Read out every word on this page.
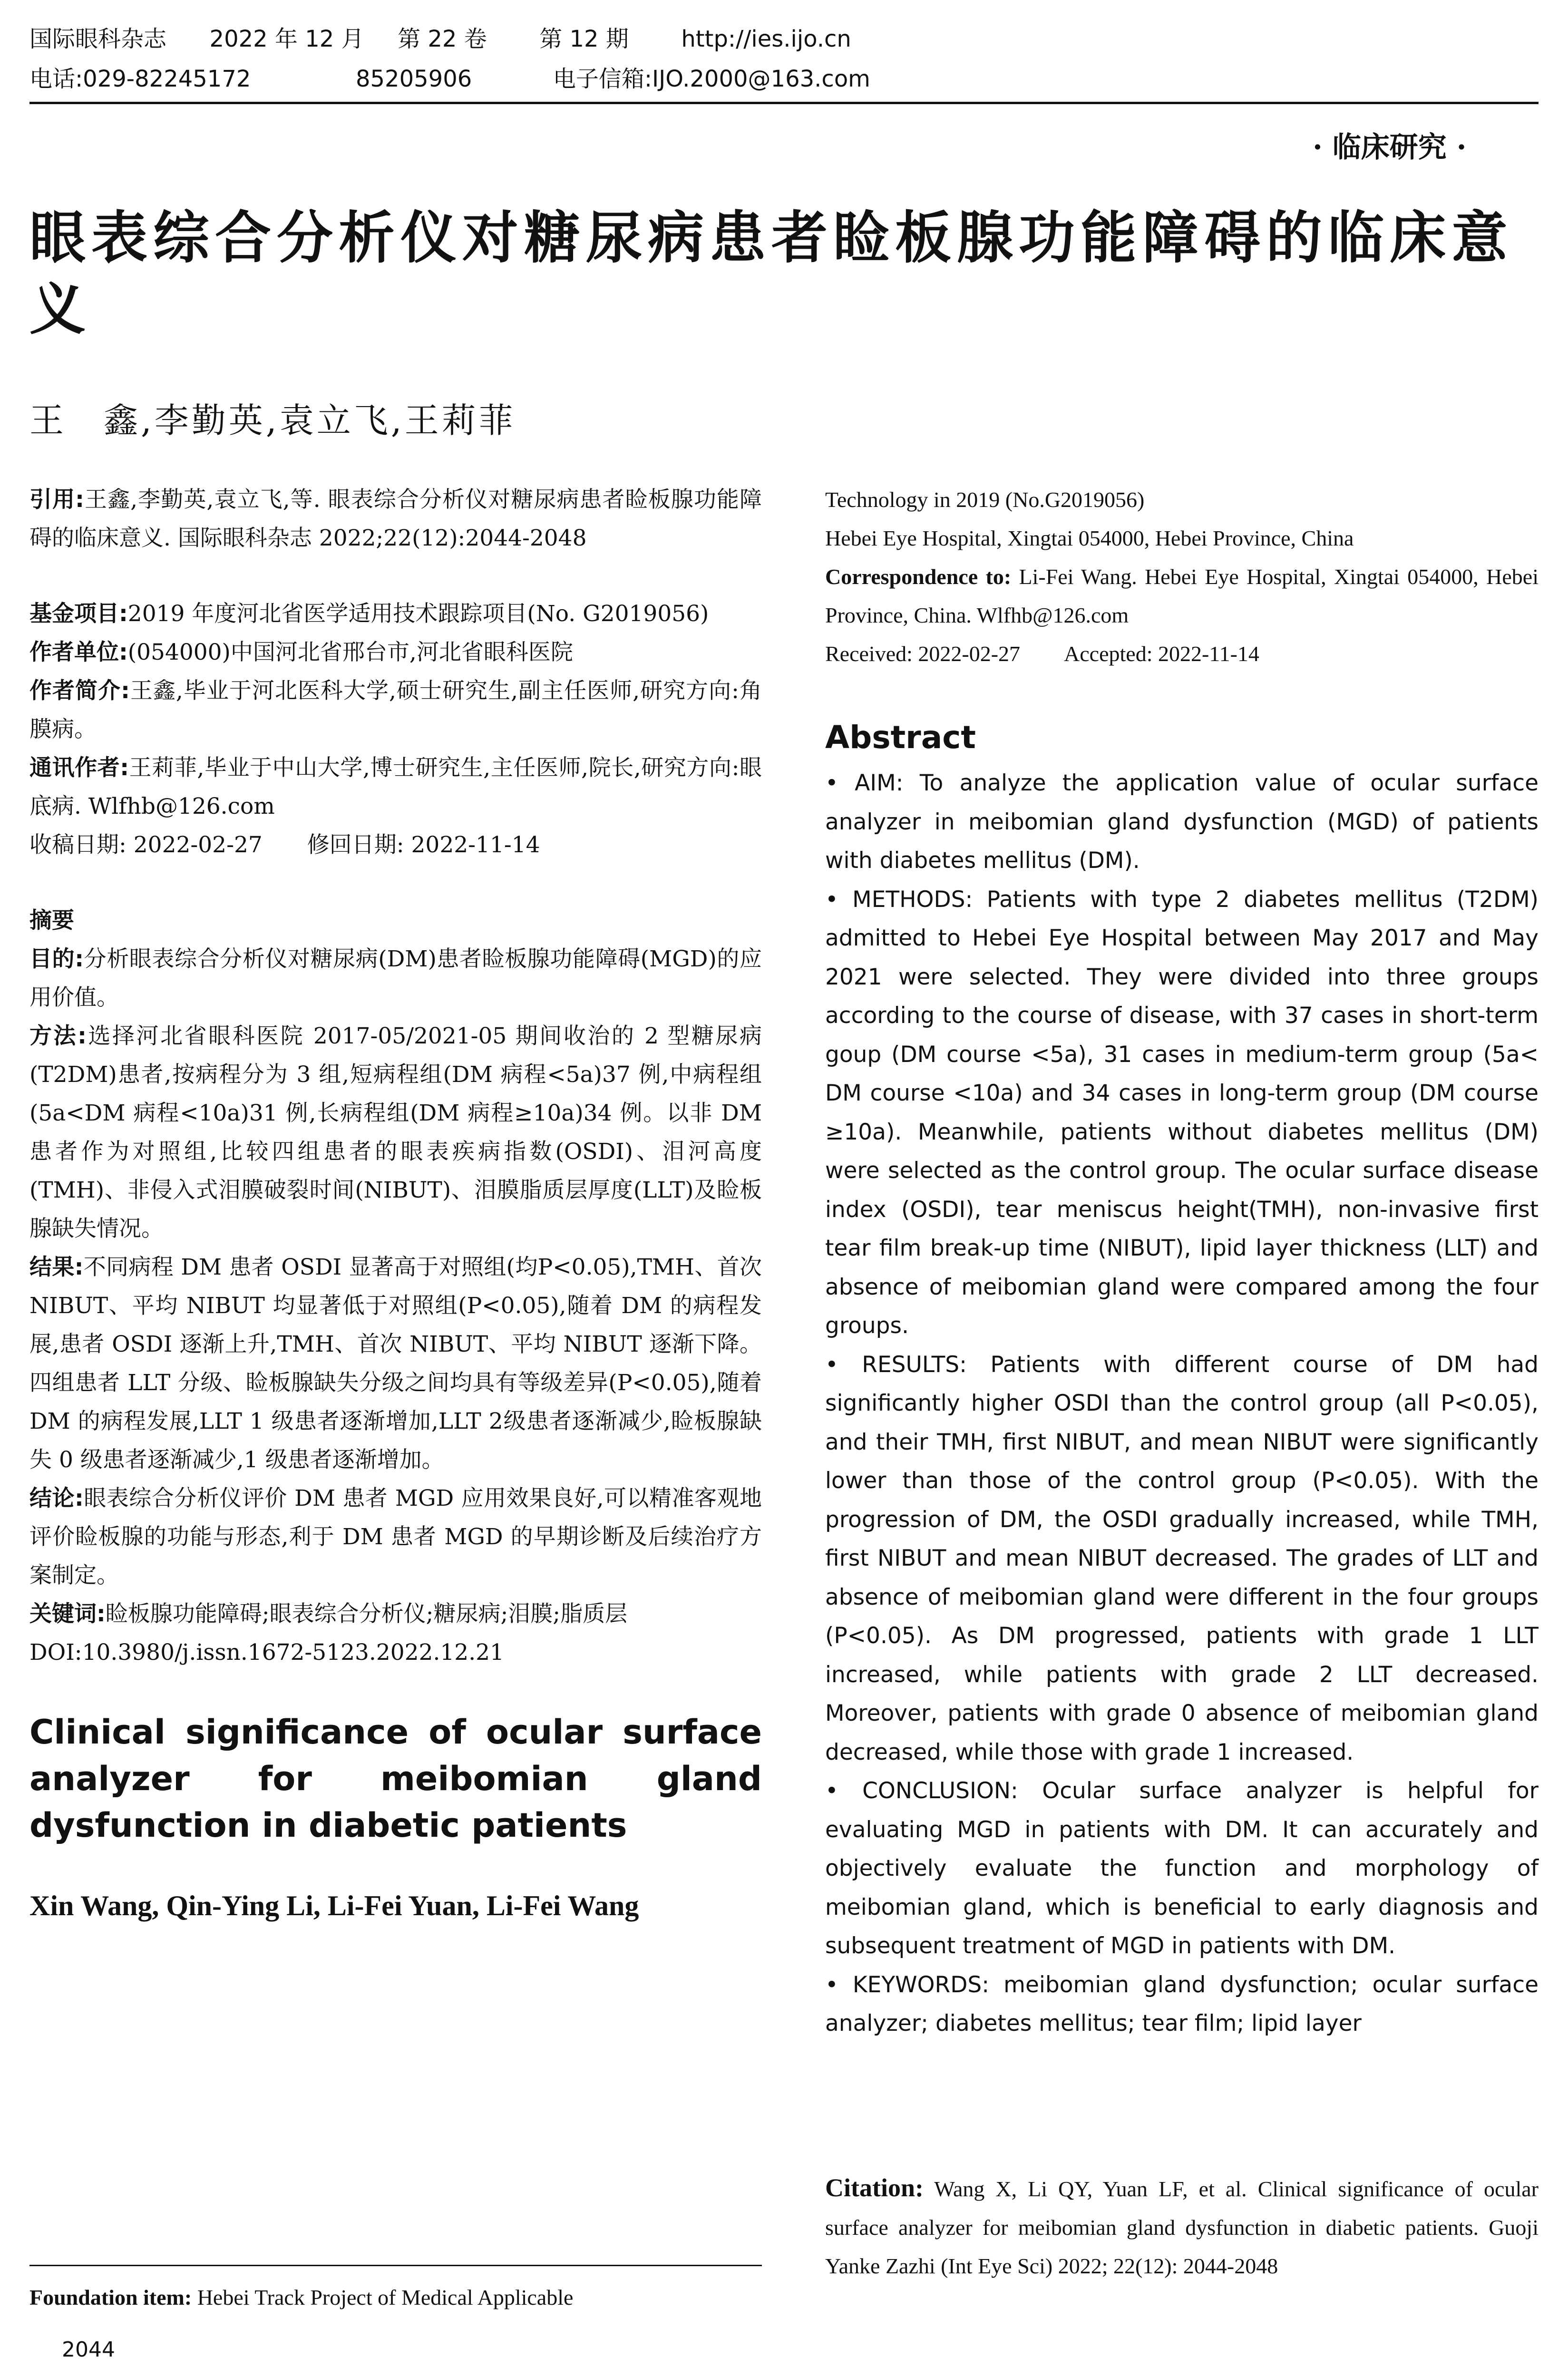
国际眼科杂志 2022 年 12 月 第 22 卷 第 12 期 http://ies.ijo.cn
电话:029-82245172	85205906	电子信箱:IJO.2000@163.com
· 临床研究 ·
眼表综合分析仪对糖尿病患者睑板腺功能障碍的临床意义
王　鑫,李勤英,袁立飞,王莉菲

引用:王鑫,李勤英,袁立飞,等. 眼表综合分析仪对糖尿病患者睑板腺功能障碍的临床意义. 国际眼科杂志 2022;22(12):2044-2048

基金项目:2019 年度河北省医学适用技术跟踪项目(No. G2019056)

作者单位:(054000)中国河北省邢台市,河北省眼科医院

作者简介:王鑫,毕业于河北医科大学,硕士研究生,副主任医师,研究方向:角膜病。

通讯作者:王莉菲,毕业于中山大学,博士研究生,主任医师,院长,研究方向:眼底病. Wlfhb@126.com

收稿日期: 2022-02-27　　修回日期: 2022-11-14

摘要

目的:分析眼表综合分析仪对糖尿病(DM)患者睑板腺功能障碍(MGD)的应用价值。

方法:选择河北省眼科医院 2017-05/2021-05 期间收治的 2 型糖尿病(T2DM)患者,按病程分为 3 组,短病程组(DM 病程<5a)37 例,中病程组(5a<DM 病程<10a)31 例,长病程组(DM 病程≥10a)34 例。以非 DM 患者作为对照组,比较四组患者的眼表疾病指数(OSDI)、泪河高度(TMH)、非侵入式泪膜破裂时间(NIBUT)、泪膜脂质层厚度(LLT)及睑板腺缺失情况。

结果:不同病程 DM 患者 OSDI 显著高于对照组(均P<0.05),TMH、首次 NIBUT、平均 NIBUT 均显著低于对照组(P<0.05),随着 DM 的病程发展,患者 OSDI 逐渐上升,TMH、首次 NIBUT、平均 NIBUT 逐渐下降。四组患者 LLT 分级、睑板腺缺失分级之间均具有等级差异(P<0.05),随着 DM 的病程发展,LLT 1 级患者逐渐增加,LLT 2级患者逐渐减少,睑板腺缺失 0 级患者逐渐减少,1 级患者逐渐增加。

结论:眼表综合分析仪评价 DM 患者 MGD 应用效果良好,可以精准客观地评价睑板腺的功能与形态,利于 DM 患者 MGD 的早期诊断及后续治疗方案制定。

关键词:睑板腺功能障碍;眼表综合分析仪;糖尿病;泪膜;脂质层

DOI:10.3980/j.issn.1672-5123.2022.12.21

Clinical significance of ocular surface analyzer for meibomian gland dysfunction in diabetic patients

Xin Wang, Qin-Ying Li, Li-Fei Yuan, Li-Fei Wang

Foundation item: Hebei Track Project of Medical Applicable
2044

Technology in 2019 (No.G2019056)

Hebei Eye Hospital, Xingtai 054000, Hebei Province, China

Correspondence to: Li-Fei Wang. Hebei Eye Hospital, Xingtai 054000, Hebei Province, China. Wlfhb@126.com

Received: 2022-02-27　　Accepted: 2022-11-14

Abstract

• AIM: To analyze the application value of ocular surface analyzer in meibomian gland dysfunction (MGD) of patients with diabetes mellitus (DM).

• METHODS: Patients with type 2 diabetes mellitus (T2DM) admitted to Hebei Eye Hospital between May 2017 and May 2021 were selected. They were divided into three groups according to the course of disease, with 37 cases in short-term goup (DM course <5a), 31 cases in medium-term group (5a< DM course <10a) and 34 cases in long-term group (DM course ≥10a). Meanwhile, patients without diabetes mellitus (DM) were selected as the control group. The ocular surface disease index (OSDI), tear meniscus height(TMH), non-invasive first tear film break-up time (NIBUT), lipid layer thickness (LLT) and absence of meibomian gland were compared among the four groups.

• RESULTS: Patients with different course of DM had significantly higher OSDI than the control group (all P<0.05), and their TMH, first NIBUT, and mean NIBUT were significantly lower than those of the control group (P<0.05). With the progression of DM, the OSDI gradually increased, while TMH, first NIBUT and mean NIBUT decreased. The grades of LLT and absence of meibomian gland were different in the four groups (P<0.05). As DM progressed, patients with grade 1 LLT increased, while patients with grade 2 LLT decreased. Moreover, patients with grade 0 absence of meibomian gland decreased, while those with grade 1 increased.

• CONCLUSION: Ocular surface analyzer is helpful for evaluating MGD in patients with DM. It can accurately and objectively evaluate the function and morphology of meibomian gland, which is beneficial to early diagnosis and subsequent treatment of MGD in patients with DM.

• KEYWORDS: meibomian gland dysfunction; ocular surface analyzer; diabetes mellitus; tear film; lipid layer

Citation: Wang X, Li QY, Yuan LF, et al. Clinical significance of ocular surface analyzer for meibomian gland dysfunction in diabetic patients. Guoji Yanke Zazhi (Int Eye Sci) 2022; 22(12): 2044-2048
